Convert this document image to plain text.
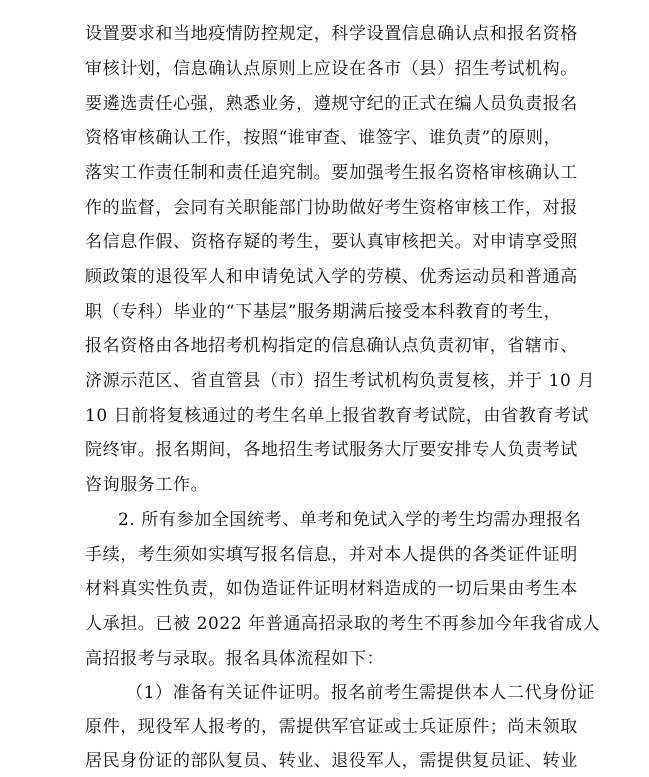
设置要求和当地疫情防控规定，科学设置信息确认点和报名资格
审核计划，信息确认点原则上应设在各市（县）招生考试机构。
要遴选责任心强，熟悉业务，遵规守纪的正式在编人员负责报名
资格审核确认工作，按照“谁审查、谁签字、谁负责”的原则，
落实工作责任制和责任追究制。要加强考生报名资格审核确认工
作的监督，会同有关职能部门协助做好考生资格审核工作，对报
名信息作假、资格存疑的考生，要认真审核把关。对申请享受照
顾政策的退役军人和申请免试入学的劳模、优秀运动员和普通高
职（专科）毕业的“下基层”服务期满后接受本科教育的考生，
报名资格由各地招考机构指定的信息确认点负责初审，省辖市、
济源示范区、省直管县（市）招生考试机构负责复核，并于 10 月
10 日前将复核通过的考生名单上报省教育考试院，由省教育考试
院终审。报名期间，各地招生考试服务大厅要安排专人负责考试
咨询服务工作。
2. 所有参加全国统考、单考和免试入学的考生均需办理报名
手续，考生须如实填写报名信息，并对本人提供的各类证件证明
材料真实性负责，如伪造证件证明材料造成的一切后果由考生本
人承担。已被 2022 年普通高招录取的考生不再参加今年我省成人
高招报考与录取。报名具体流程如下：
（1）准备有关证件证明。报名前考生需提供本人二代身份证
原件，现役军人报考的，需提供军官证或士兵证原件；尚未领取
居民身份证的部队复员、转业、退役军人，需提供复员证、转业
